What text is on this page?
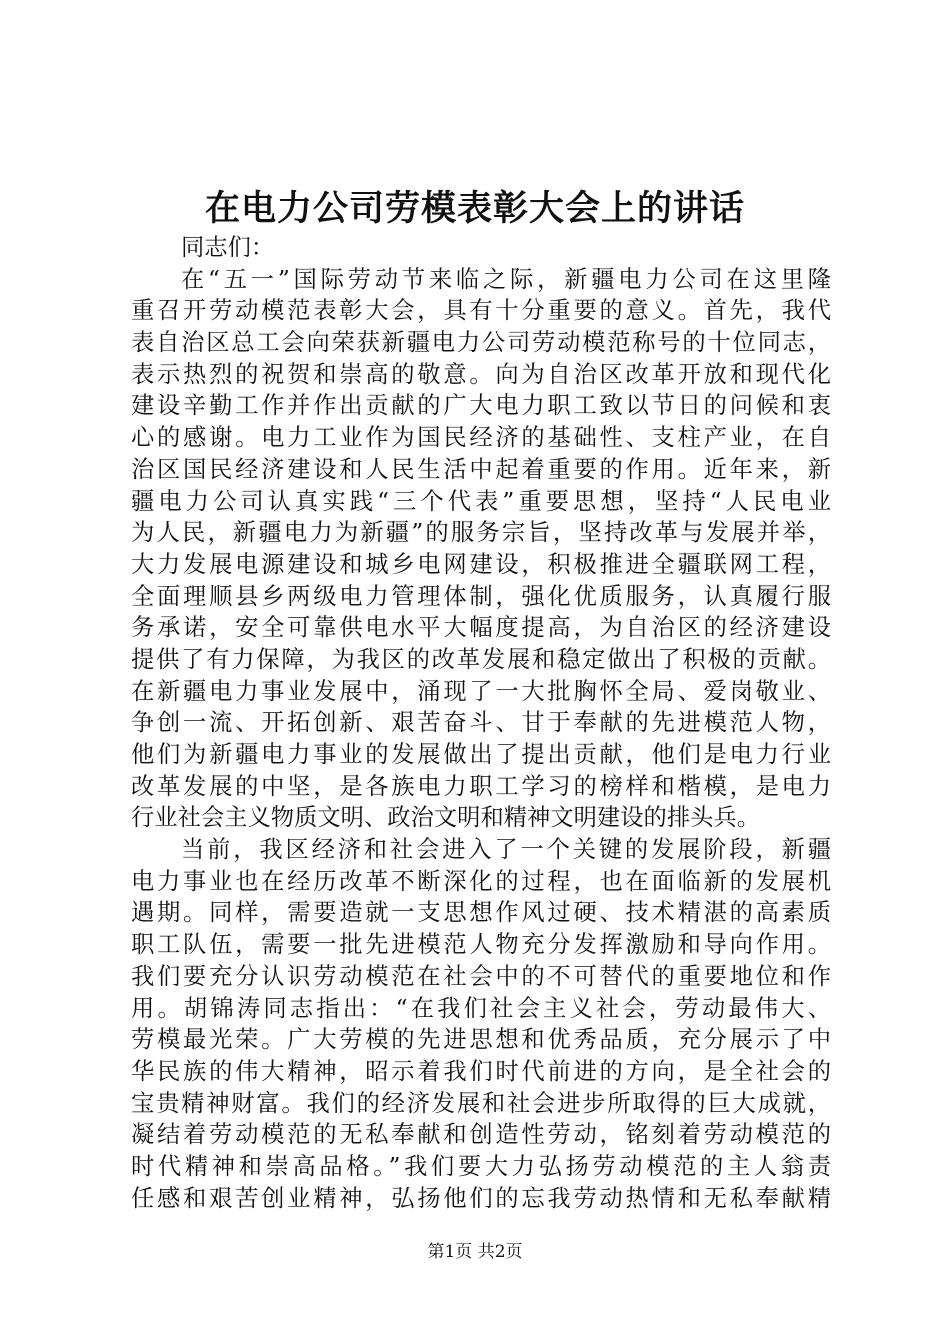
在电力公司劳模表彰大会上的讲话

同志们：

在“五一”国际劳动节来临之际，新疆电力公司在这里隆

重召开劳动模范表彰大会，具有十分重要的意义。首先，我代

表自治区总工会向荣获新疆电力公司劳动模范称号的十位同志，

表示热烈的祝贺和崇高的敬意。向为自治区改革开放和现代化

建设辛勤工作并作出贡献的广大电力职工致以节日的问候和衷

心的感谢。电力工业作为国民经济的基础性、支柱产业，在自

治区国民经济建设和人民生活中起着重要的作用。近年来，新

疆电力公司认真实践“三个代表”重要思想，坚持“人民电业

为人民，新疆电力为新疆”的服务宗旨，坚持改革与发展并举，

大力发展电源建设和城乡电网建设，积极推进全疆联网工程，

全面理顺县乡两级电力管理体制，强化优质服务，认真履行服

务承诺，安全可靠供电水平大幅度提高，为自治区的经济建设

提供了有力保障，为我区的改革发展和稳定做出了积极的贡献。

在新疆电力事业发展中，涌现了一大批胸怀全局、爱岗敬业、

争创一流、开拓创新、艰苦奋斗、甘于奉献的先进模范人物，

他们为新疆电力事业的发展做出了提出贡献，他们是电力行业

改革发展的中坚，是各族电力职工学习的榜样和楷模，是电力

行业社会主义物质文明、政治文明和精神文明建设的排头兵。

当前，我区经济和社会进入了一个关键的发展阶段，新疆

电力事业也在经历改革不断深化的过程，也在面临新的发展机

遇期。同样，需要造就一支思想作风过硬、技术精湛的高素质

职工队伍，需要一批先进模范人物充分发挥激励和导向作用。

我们要充分认识劳动模范在社会中的不可替代的重要地位和作

用。胡锦涛同志指出：“在我们社会主义社会，劳动最伟大、

劳模最光荣。广大劳模的先进思想和优秀品质，充分展示了中

华民族的伟大精神，昭示着我们时代前进的方向，是全社会的

宝贵精神财富。我们的经济发展和社会进步所取得的巨大成就，

凝结着劳动模范的无私奉献和创造性劳动，铭刻着劳动模范的

时代精神和崇高品格。”我们要大力弘扬劳动模范的主人翁责

任感和艰苦创业精神，弘扬他们的忘我劳动热情和无私奉献精

第1页 共2页
